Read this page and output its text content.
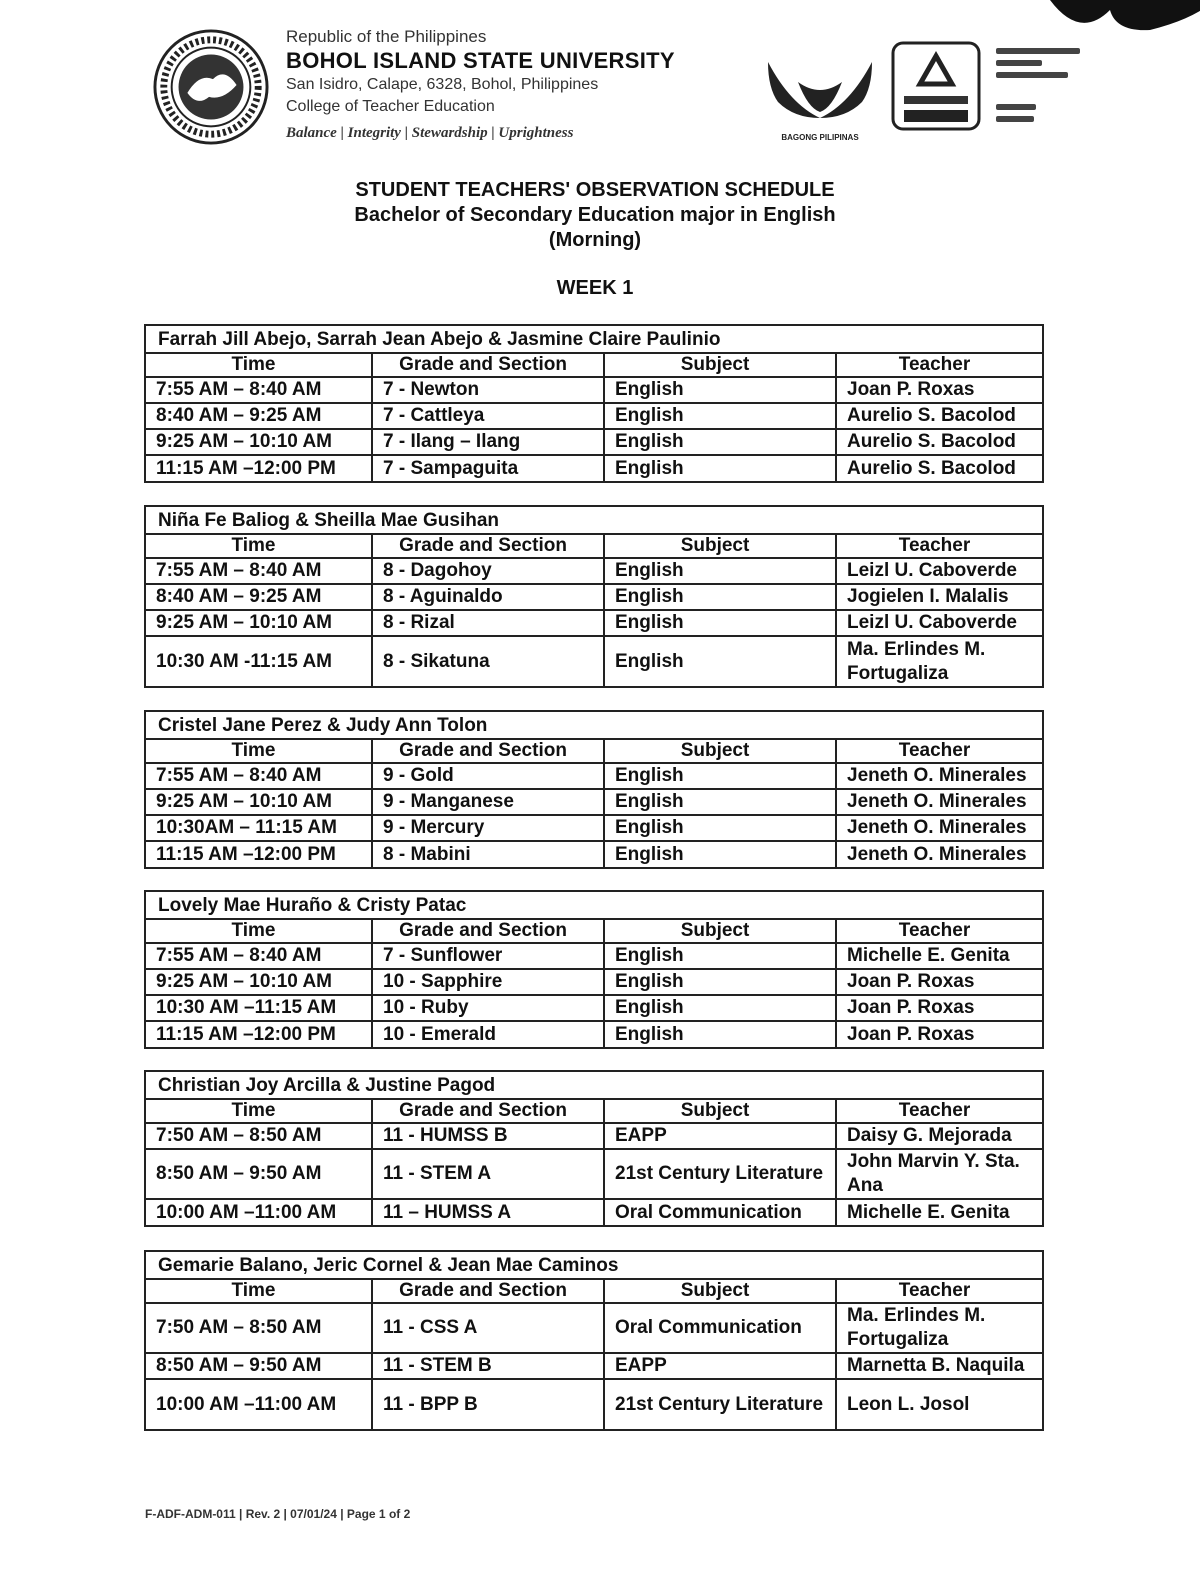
Republic of the Philippines
BOHOL ISLAND STATE UNIVERSITY
San Isidro, Calape, 6328, Bohol, Philippines
College of Teacher Education
Balance | Integrity | Stewardship | Uprightness	BAGONG PILIPINAS
STUDENT TEACHERS' OBSERVATION SCHEDULE
Bachelor of Secondary Education major in English
(Morning)
WEEK 1
Farrah Jill Abejo, Sarrah Jean Abejo & Jasmine Claire Paulinio
Time	Grade and Section	Subject	Teacher
7:55 AM – 8:40 AM	7 - Newton	English	Joan P. Roxas
8:40 AM – 9:25 AM	7 - Cattleya	English	Aurelio S. Bacolod
9:25 AM – 10:10 AM	7 - Ilang – Ilang	English	Aurelio S. Bacolod
11:15 AM –12:00 PM	7 - Sampaguita	English	Aurelio S. Bacolod
Niña Fe Baliog & Sheilla Mae Gusihan
Time	Grade and Section	Subject	Teacher
7:55 AM – 8:40 AM	8 - Dagohoy	English	Leizl U. Caboverde
8:40 AM – 9:25 AM	8 - Aguinaldo	English	Jogielen I. Malalis
9:25 AM – 10:10 AM	8 - Rizal	English	Leizl U. Caboverde
10:30 AM -11:15 AM	8 - Sikatuna	English	Ma. Erlindes M. Fortugaliza
Cristel Jane Perez & Judy Ann Tolon
Time	Grade and Section	Subject	Teacher
7:55 AM – 8:40 AM	9 - Gold	English	Jeneth O. Minerales
9:25 AM – 10:10 AM	9 - Manganese	English	Jeneth O. Minerales
10:30AM – 11:15 AM	9 - Mercury	English	Jeneth O. Minerales
11:15 AM –12:00 PM	8 - Mabini	English	Jeneth O. Minerales
Lovely Mae Huraño & Cristy Patac
Time	Grade and Section	Subject	Teacher
7:55 AM – 8:40 AM	7 - Sunflower	English	Michelle E. Genita
9:25 AM – 10:10 AM	10 - Sapphire	English	Joan P. Roxas
10:30 AM –11:15 AM	10 - Ruby	English	Joan P. Roxas
11:15 AM –12:00 PM	10 - Emerald	English	Joan P. Roxas
Christian Joy Arcilla & Justine Pagod
Time	Grade and Section	Subject	Teacher
7:50 AM – 8:50 AM	11 - HUMSS B	EAPP	Daisy G. Mejorada
8:50 AM – 9:50 AM	11 - STEM A	21st Century Literature	John Marvin Y. Sta. Ana
10:00 AM –11:00 AM	11 – HUMSS A	Oral Communication	Michelle E. Genita
Gemarie Balano, Jeric Cornel & Jean Mae Caminos
Time	Grade and Section	Subject	Teacher
7:50 AM – 8:50 AM	11 - CSS A	Oral Communication	Ma. Erlindes M. Fortugaliza
8:50 AM – 9:50 AM	11 - STEM B	EAPP	Marnetta B. Naquila
10:00 AM –11:00 AM	11 - BPP B	21st Century Literature	Leon L. Josol
F-ADF-ADM-011 | Rev. 2 | 07/01/24 | Page 1 of 2
